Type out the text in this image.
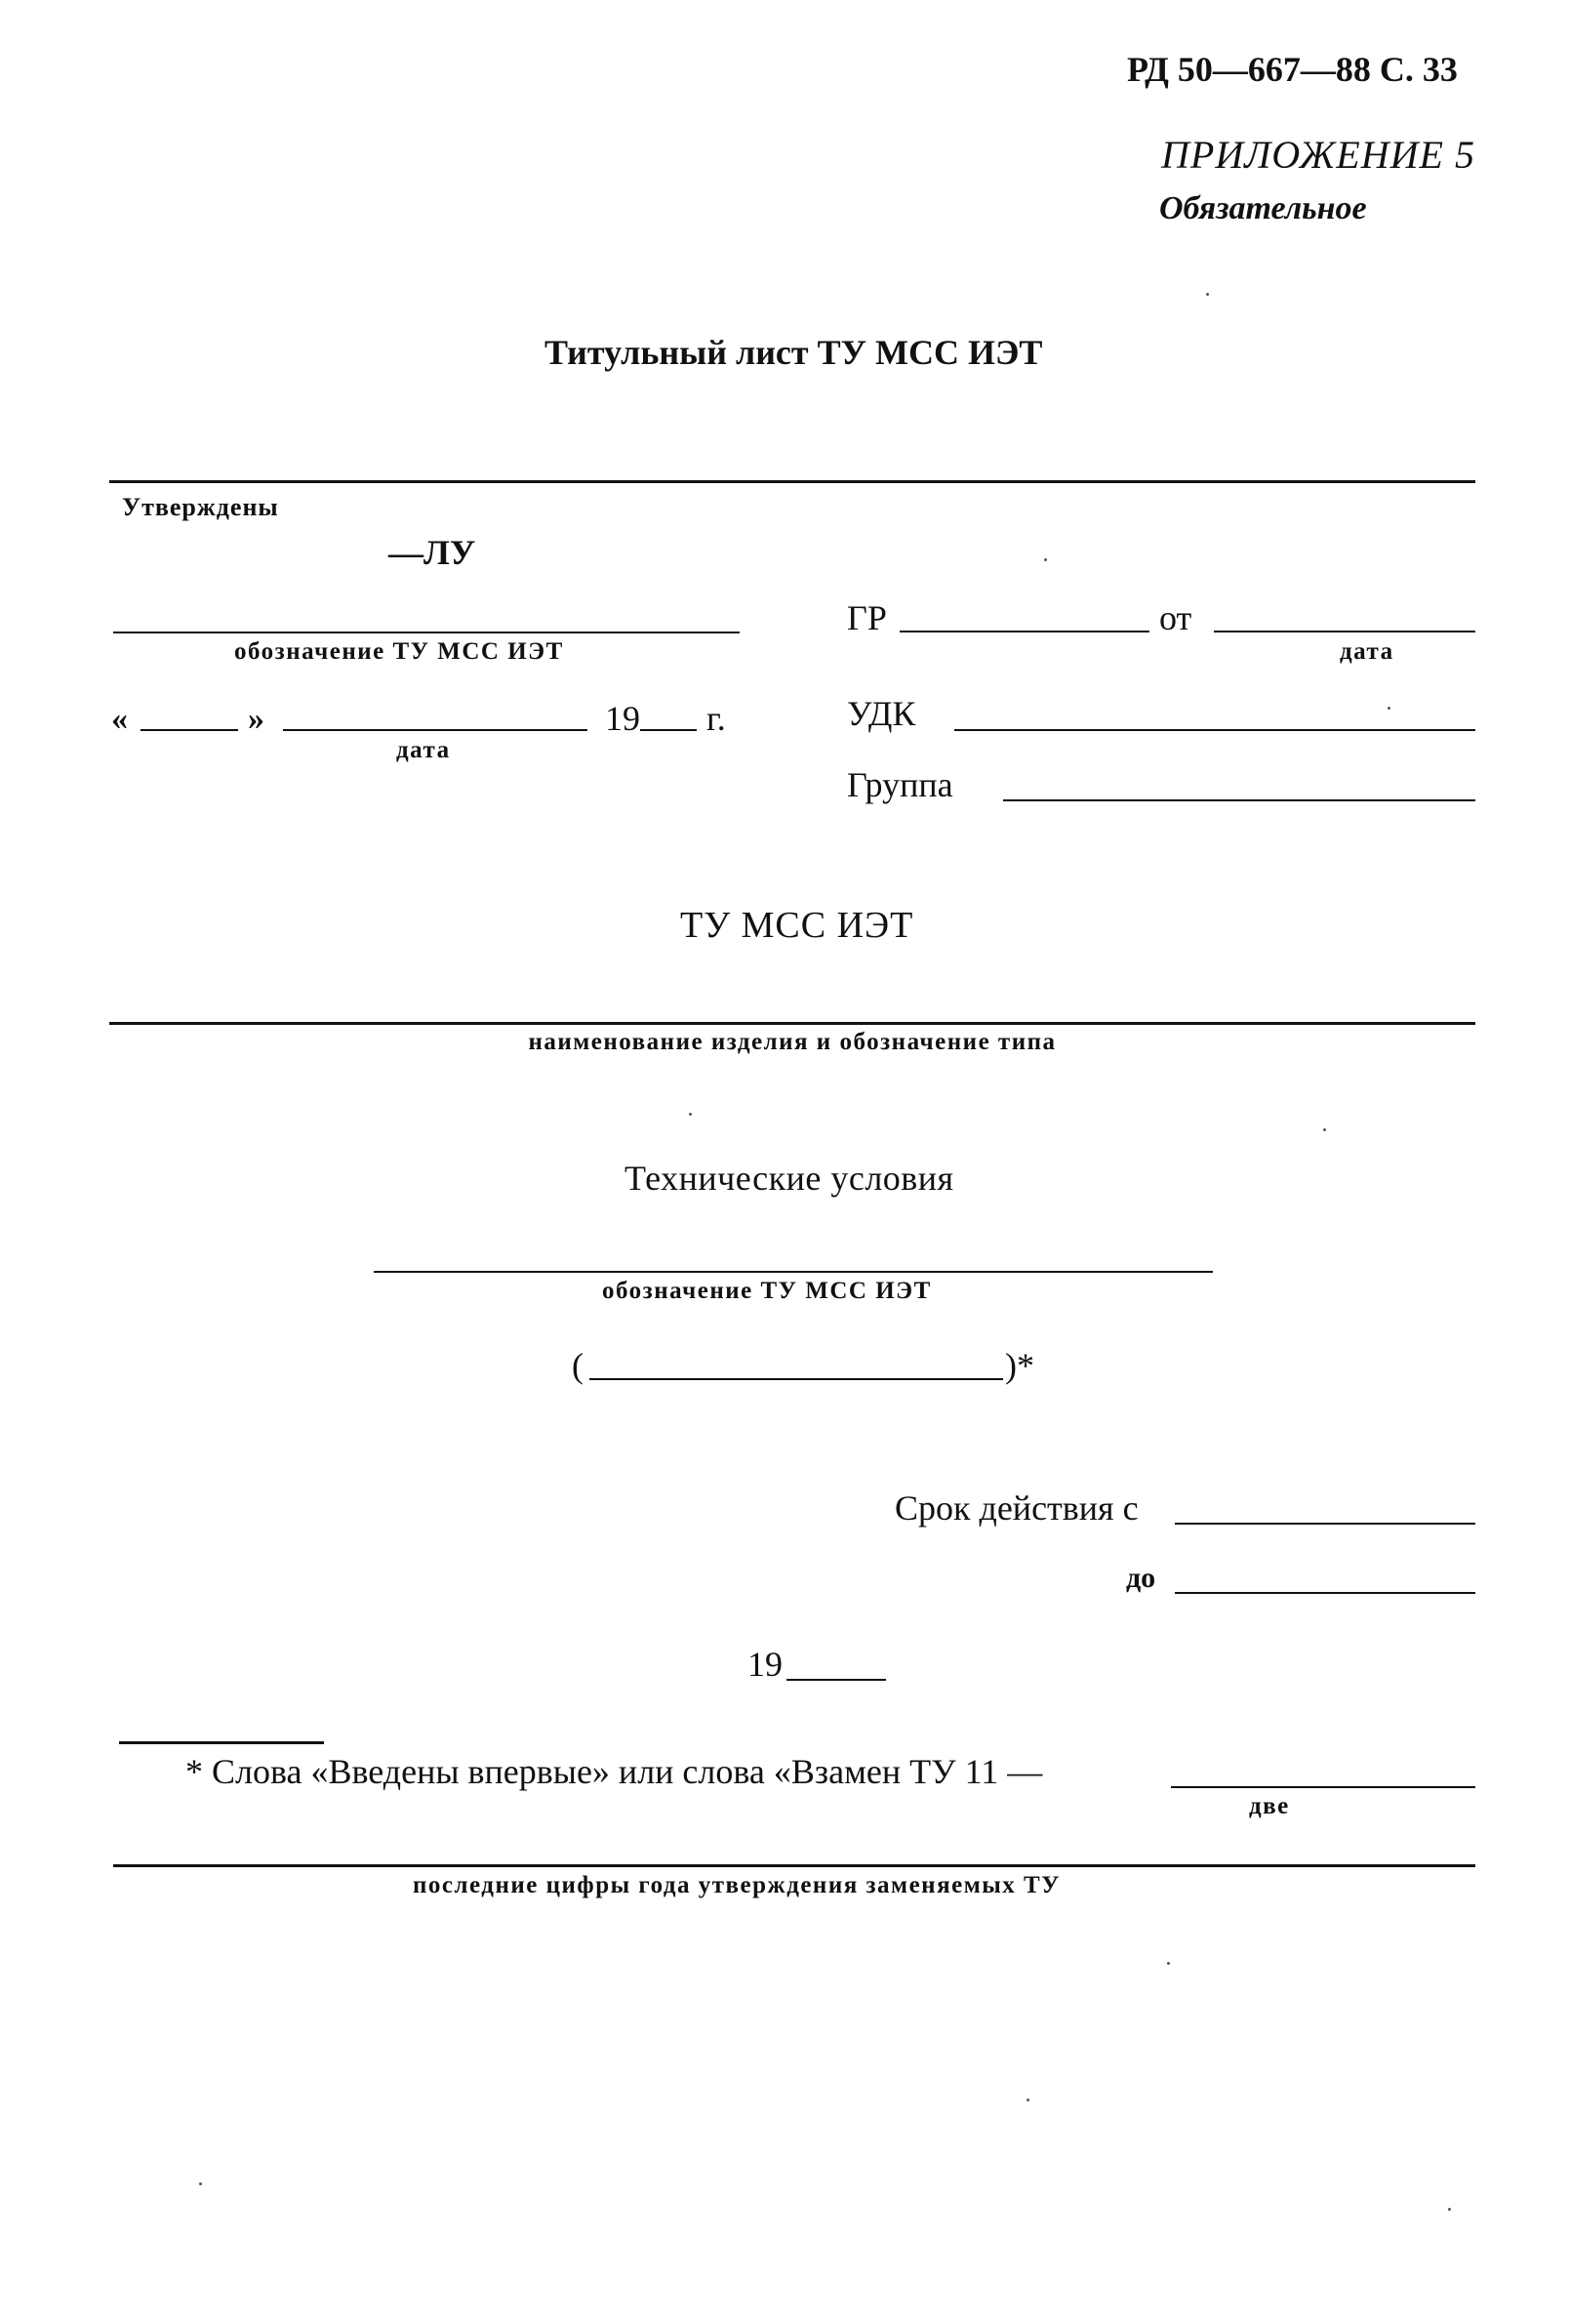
РД 50—667—88 С. 33
ПРИЛОЖЕНИЕ 5
Обязательное
Титульный лист ТУ МСС ИЭТ
Утверждены
—ЛУ
обозначение ТУ МСС ИЭТ
«	»	19 г.
дата
ГР	от
дата
УДК
Группа
ТУ МСС ИЭТ
наименование изделия и обозначение типа
Технические условия
обозначение ТУ МСС ИЭТ
(	)*
Срок действия с
до
19
* Слова «Введены впервые» или слова «Взамен ТУ 11 —
две
последние цифры года утверждения заменяемых ТУ
